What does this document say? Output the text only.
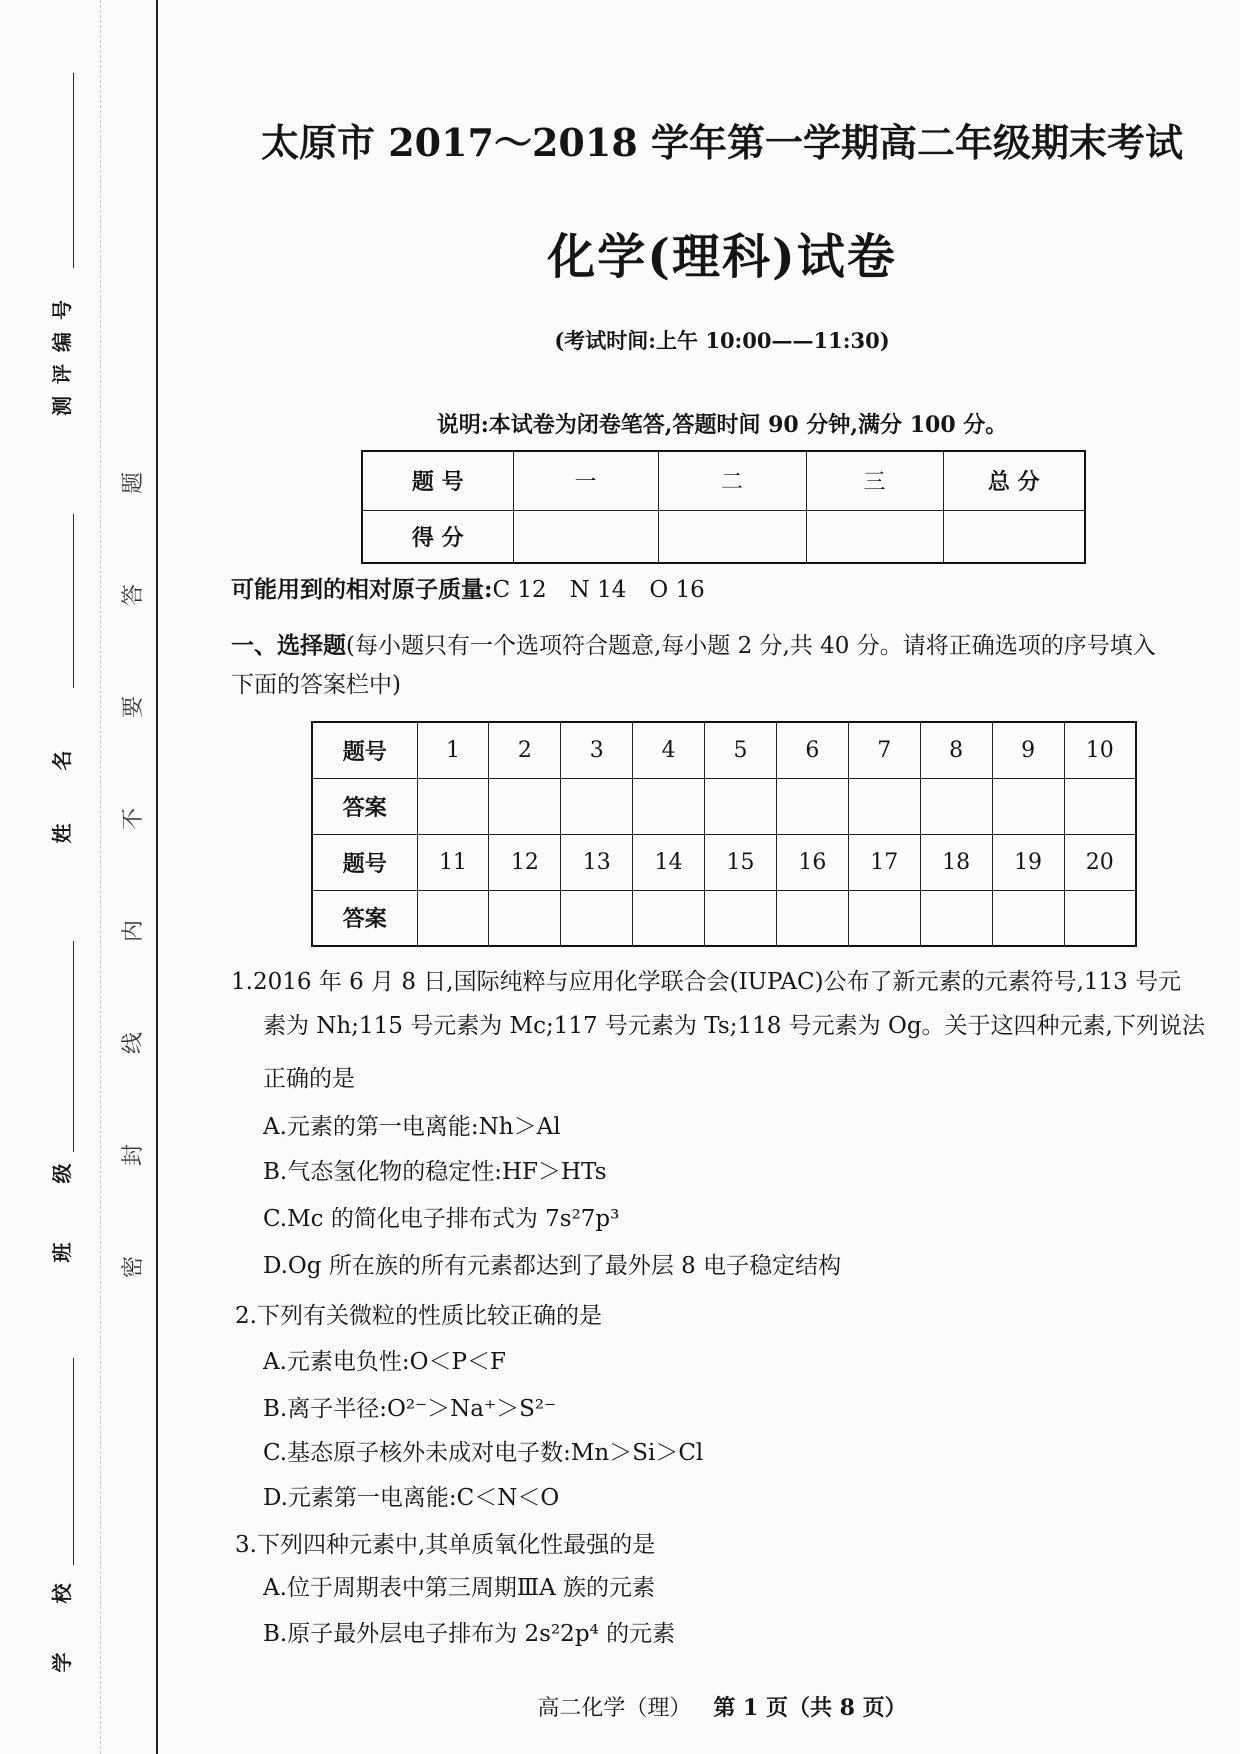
测评编号
姓 名
班 级
学 校
密封线内不要答题
太原市 2017～2018 学年第一学期高二年级期末考试
化学(理科)试卷
(考试时间:上午 10:00——11:30)
说明:本试卷为闭卷笔答,答题时间 90 分钟,满分 100 分。
题 号	一	二	三	总 分
得 分				
可能用到的相对原子质量:C 12　N 14　O 16
一、选择题(每小题只有一个选项符合题意,每小题 2 分,共 40 分。请将正确选项的序号填入
下面的答案栏中)
题号	1	2	3	4	5	6	7	8	9	10
答案										
题号	11	12	13	14	15	16	17	18	19	20
答案										
1.2016 年 6 月 8 日,国际纯粹与应用化学联合会(IUPAC)公布了新元素的元素符号,113 号元
素为 Nh;115 号元素为 Mc;117 号元素为 Ts;118 号元素为 Og。关于这四种元素,下列说法
正确的是
A.元素的第一电离能:Nh＞Al
B.气态氢化物的稳定性:HF＞HTs
C.Mc 的简化电子排布式为 7s²7p³
D.Og 所在族的所有元素都达到了最外层 8 电子稳定结构
2.下列有关微粒的性质比较正确的是
A.元素电负性:O＜P＜F
B.离子半径:O²⁻＞Na⁺＞S²⁻
C.基态原子核外未成对电子数:Mn＞Si＞Cl
D.元素第一电离能:C＜N＜O
3.下列四种元素中,其单质氧化性最强的是
A.位于周期表中第三周期ⅢA 族的元素
B.原子最外层电子排布为 2s²2p⁴ 的元素
高二化学（理） 第 1 页（共 8 页）
